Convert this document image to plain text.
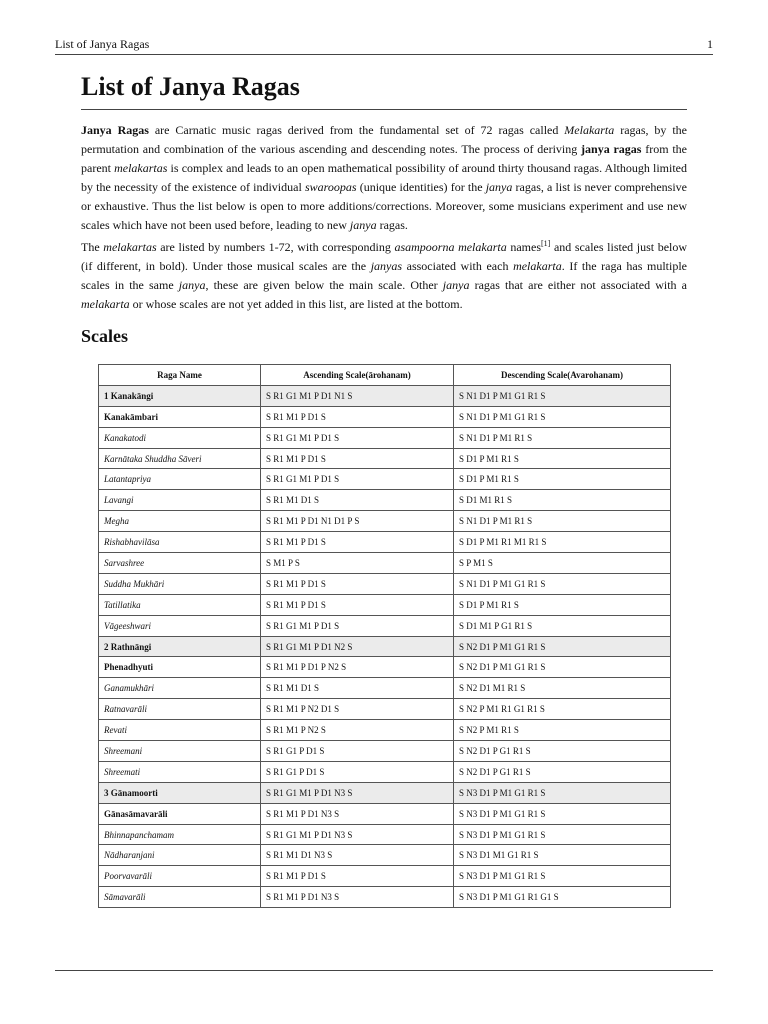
List of Janya Ragas	1
List of Janya Ragas

Janya Ragas are Carnatic music ragas derived from the fundamental set of 72 ragas called Melakarta ragas, by the permutation and combination of the various ascending and descending notes. The process of deriving janya ragas from the parent melakartas is complex and leads to an open mathematical possibility of around thirty thousand ragas. Although limited by the necessity of the existence of individual swaroopas (unique identities) for the janya ragas, a list is never comprehensive or exhaustive. Thus the list below is open to more additions/corrections. Moreover, some musicians experiment and use new scales which have not been used before, leading to new janya ragas.

The melakartas are listed by numbers 1-72, with corresponding asampoorna melakarta names[1] and scales listed just below (if different, in bold). Under those musical scales are the janyas associated with each melakarta. If the raga has multiple scales in the same janya, these are given below the main scale. Other janya ragas that are either not associated with a melakarta or whose scales are not yet added in this list, are listed at the bottom.

Scales
Raga Name	Ascending Scale(ārohanam)	Descending Scale(Avarohanam)
1 Kanakāngi	S R1 G1 M1 P D1 N1 S	S N1 D1 P M1 G1 R1 S
Kanakāmbari	S R1 M1 P D1 S	S N1 D1 P M1 G1 R1 S
Kanakatodi	S R1 G1 M1 P D1 S	S N1 D1 P M1 R1 S
Karnātaka Shuddha Sāveri	S R1 M1 P D1 S	S D1 P M1 R1 S
Latantapriya	S R1 G1 M1 P D1 S	S D1 P M1 R1 S
Lavangi	S R1 M1 D1 S	S D1 M1 R1 S
Megha	S R1 M1 P D1 N1 D1 P S	S N1 D1 P M1 R1 S
Rishabhavilāsa	S R1 M1 P D1 S	S D1 P M1 R1 M1 R1 S
Sarvashree	S M1 P S	S P M1 S
Suddha Mukhāri	S R1 M1 P D1 S	S N1 D1 P M1 G1 R1 S
Tatillatika	S R1 M1 P D1 S	S D1 P M1 R1 S
Vāgeeshwari	S R1 G1 M1 P D1 S	S D1 M1 P G1 R1 S
2 Rathnāngi	S R1 G1 M1 P D1 N2 S	S N2 D1 P M1 G1 R1 S
Phenadhyuti	S R1 M1 P D1 P N2 S	S N2 D1 P M1 G1 R1 S
Ganamukhāri	S R1 M1 D1 S	S N2 D1 M1 R1 S
Ratnavarāli	S R1 M1 P N2 D1 S	S N2 P M1 R1 G1 R1 S
Revati	S R1 M1 P N2 S	S N2 P M1 R1 S
Shreemani	S R1 G1 P D1 S	S N2 D1 P G1 R1 S
Shreemati	S R1 G1 P D1 S	S N2 D1 P G1 R1 S
3 Gānamoorti	S R1 G1 M1 P D1 N3 S	S N3 D1 P M1 G1 R1 S
Gānasāmavarāli	S R1 M1 P D1 N3 S	S N3 D1 P M1 G1 R1 S
Bhinnapanchamam	S R1 G1 M1 P D1 N3 S	S N3 D1 P M1 G1 R1 S
Nādharanjani	S R1 M1 D1 N3 S	S N3 D1 M1 G1 R1 S
Poorvavarāli	S R1 M1 P D1 S	S N3 D1 P M1 G1 R1 S
Sāmavarāli	S R1 M1 P D1 N3 S	S N3 D1 P M1 G1 R1 G1 S
